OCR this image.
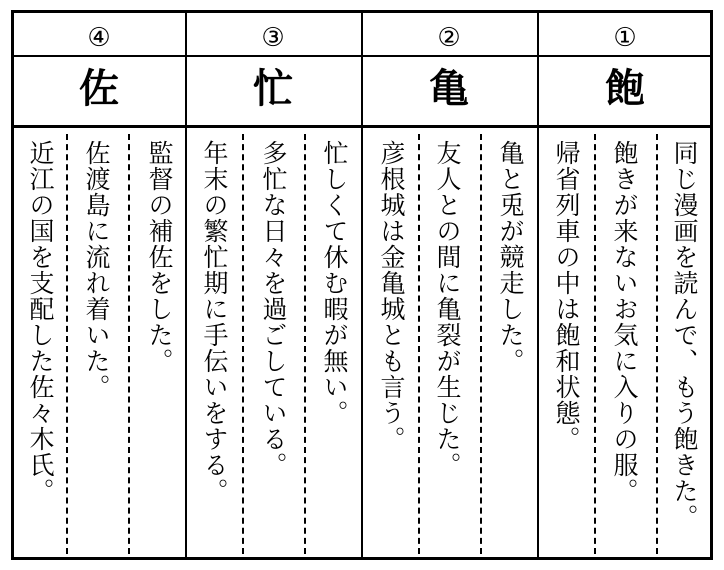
①
飽
同じ漫画を読んで、もう飽きた。
飽きが来ないお気に入りの服。
帰省列車の中は飽和状態。
②
亀
亀と兎が競走した。
友人との間に亀裂が生じた。
彦根城は金亀城とも言う。
③
忙
忙しくて休む暇が無い。
多忙な日々を過ごしている。
年末の繁忙期に手伝いをする。
④
佐
監督の補佐をした。
佐渡島に流れ着いた。
近江の国を支配した佐々木氏。
